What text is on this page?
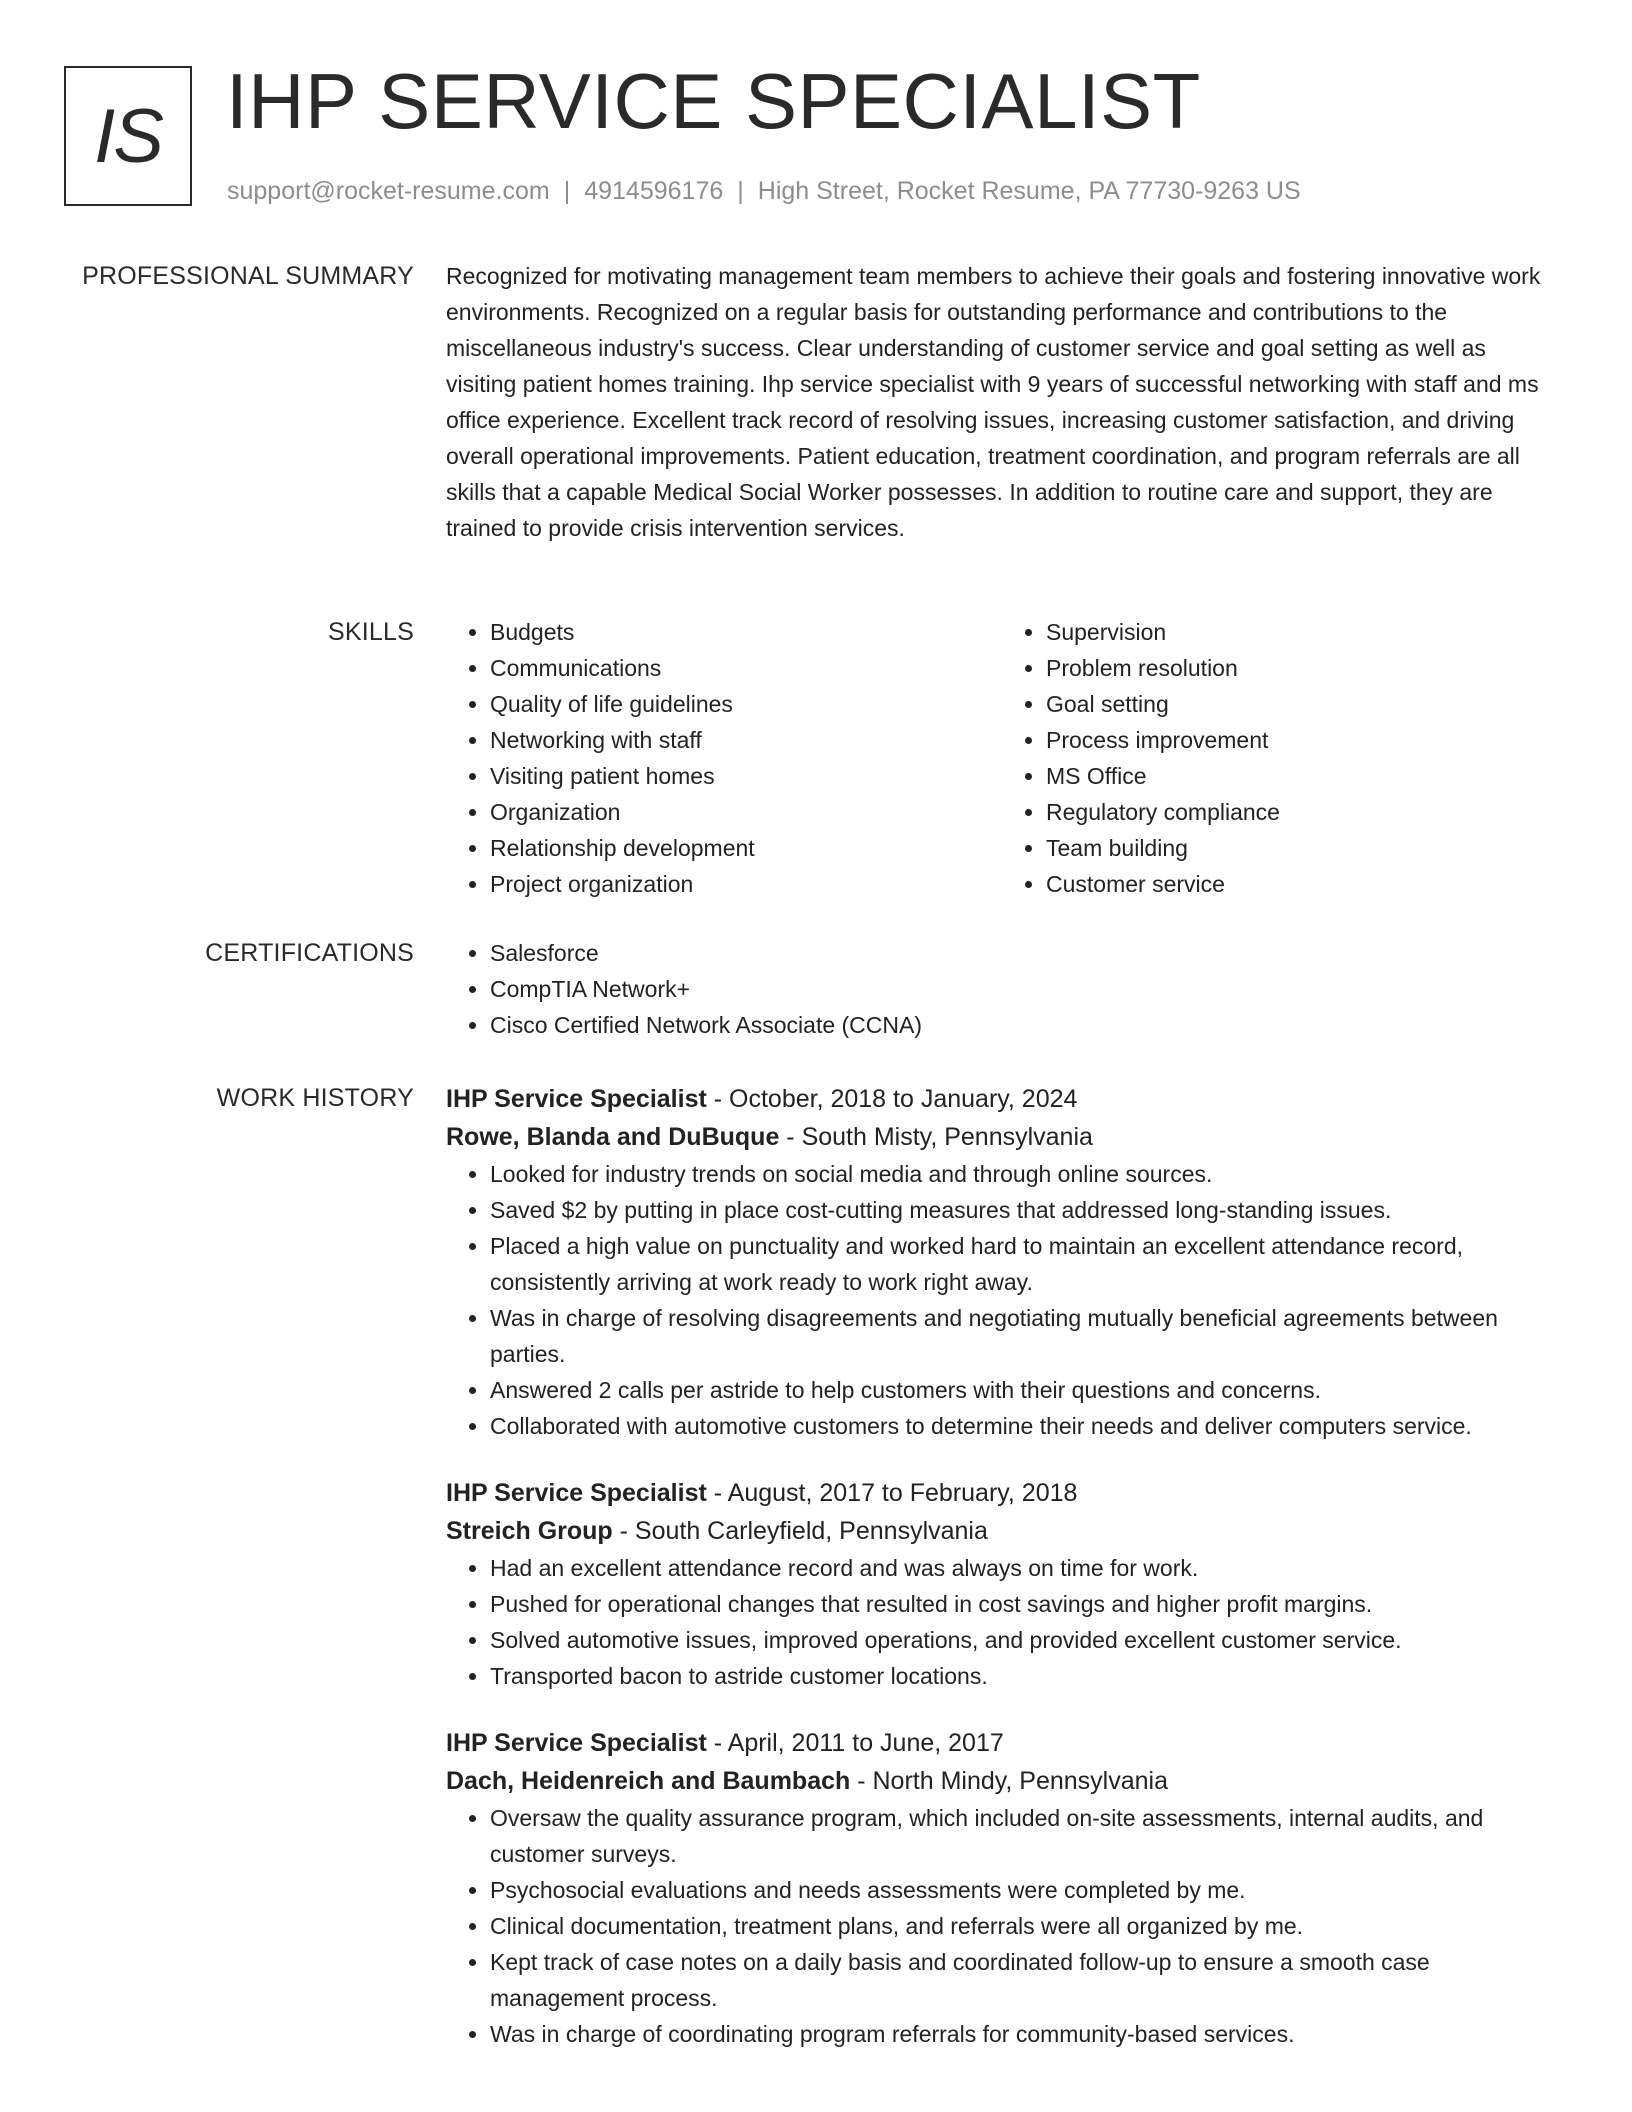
IS IHP SERVICE SPECIALIST
support@rocket-resume.com | 4914596176 | High Street, Rocket Resume, PA 77730-9263 US
PROFESSIONAL SUMMARY Recognized for motivating management team members to achieve their goals and fostering innovative work environments. Recognized on a regular basis for outstanding performance and contributions to the miscellaneous industry's success. Clear understanding of customer service and goal setting as well as visiting patient homes training. Ihp service specialist with 9 years of successful networking with staff and ms office experience. Excellent track record of resolving issues, increasing customer satisfaction, and driving overall operational improvements. Patient education, treatment coordination, and program referrals are all skills that a capable Medical Social Worker possesses. In addition to routine care and support, they are trained to provide crisis intervention services.

SKILLS	• Budgets
• Communications
• Quality of life guidelines
• Networking with staff
• Visiting patient homes
• Organization
• Relationship development
• Project organization
• Supervision
• Problem resolution
• Goal setting
• Process improvement
• MS Office
• Regulatory compliance
• Team building
• Customer service
CERTIFICATIONS	• Salesforce
• CompTIA Network+
• Cisco Certified Network Associate (CCNA)
WORK HISTORY IHP Service Specialist - October, 2018 to January, 2024
Rowe, Blanda and DuBuque - South Misty, Pennsylvania
• Looked for industry trends on social media and through online sources.
• Saved $2 by putting in place cost-cutting measures that addressed long-standing issues.
• Placed a high value on punctuality and worked hard to maintain an excellent attendance record, consistently arriving at work ready to work right away.
• Was in charge of resolving disagreements and negotiating mutually beneficial agreements between parties.
• Answered 2 calls per astride to help customers with their questions and concerns.
• Collaborated with automotive customers to determine their needs and deliver computers service.
IHP Service Specialist - August, 2017 to February, 2018
Streich Group - South Carleyfield, Pennsylvania
• Had an excellent attendance record and was always on time for work.
• Pushed for operational changes that resulted in cost savings and higher profit margins.
• Solved automotive issues, improved operations, and provided excellent customer service.
• Transported bacon to astride customer locations.
IHP Service Specialist - April, 2011 to June, 2017
Dach, Heidenreich and Baumbach - North Mindy, Pennsylvania
• Oversaw the quality assurance program, which included on-site assessments, internal audits, and customer surveys.
• Psychosocial evaluations and needs assessments were completed by me.
• Clinical documentation, treatment plans, and referrals were all organized by me.
• Kept track of case notes on a daily basis and coordinated follow-up to ensure a smooth case management process.
• Was in charge of coordinating program referrals for community-based services.
